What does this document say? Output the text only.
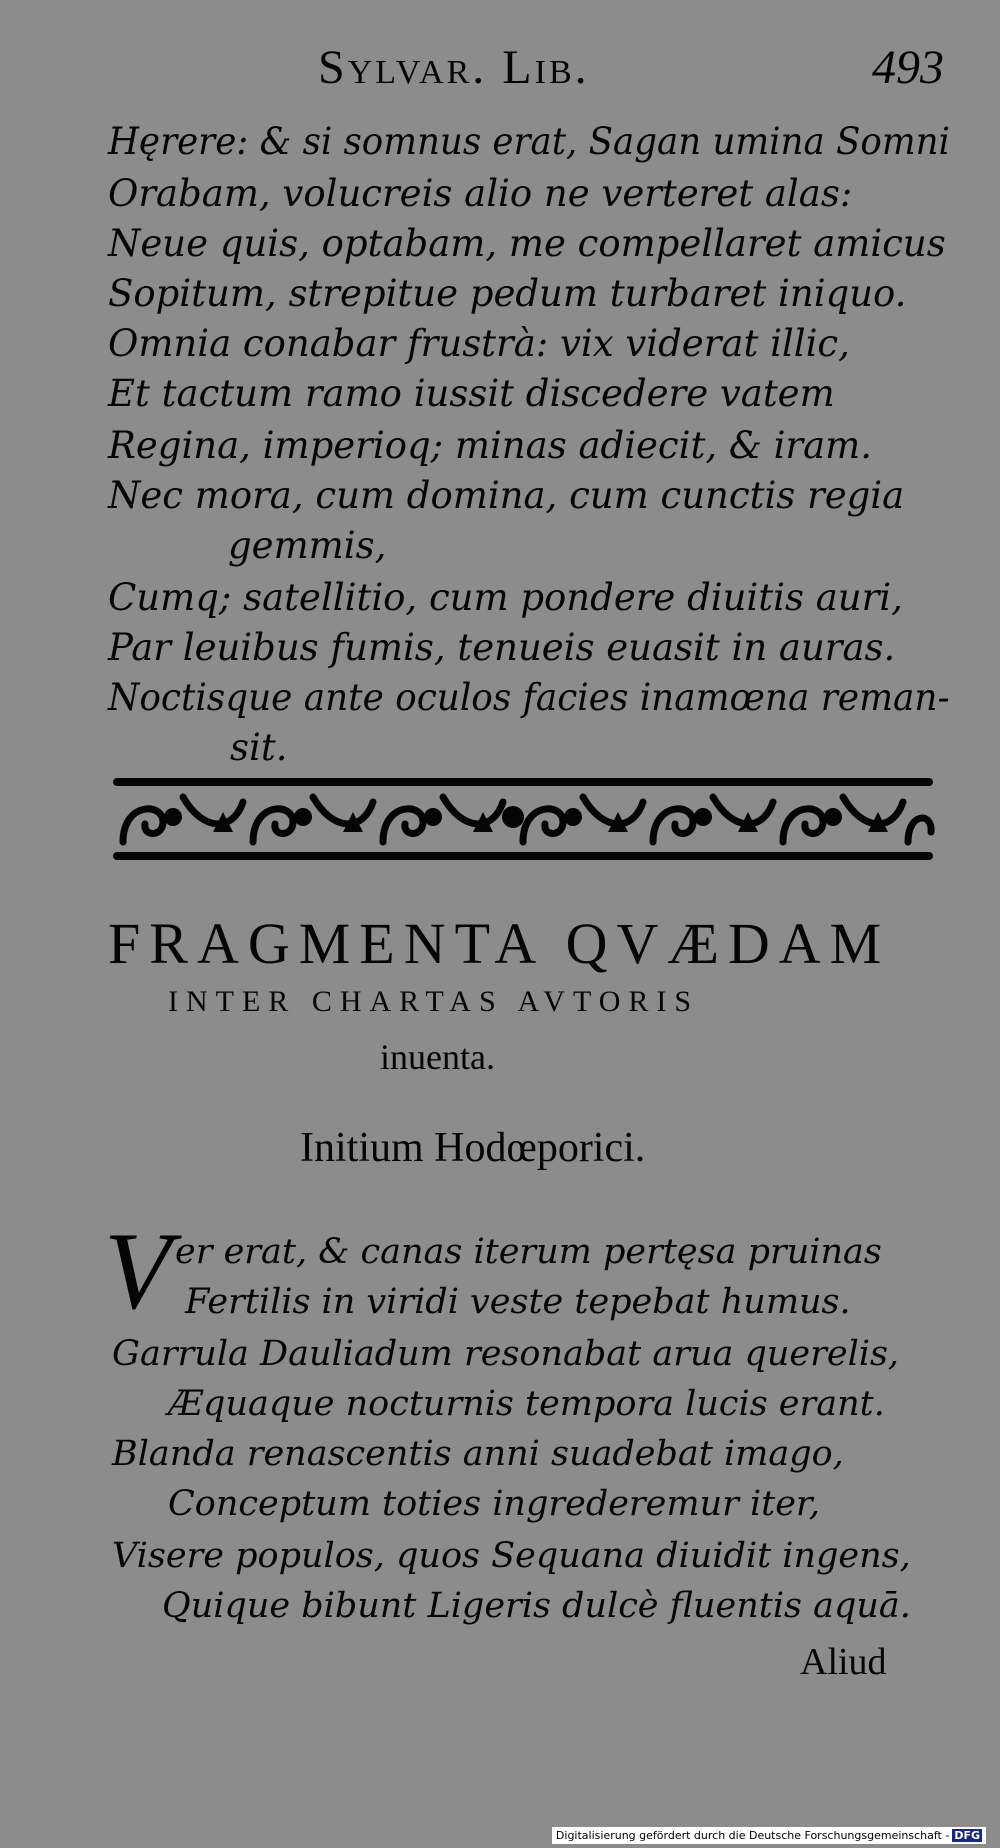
Sylvar. Lib.	493
Hęrere: & si somnus erat, Sagan umina Somni
Orabam, volucreis alio ne verteret alas:
Neue quis, optabam, me compellaret amicus
Sopitum, strepitue pedum turbaret iniquo.
Omnia conabar frustrà: vix viderat illic,
Et tactum ramo iussit discedere vatem
Regina, imperioq; minas adiecit, & iram.
Nec mora, cum domina, cum cunctis regia
gemmis,
Cumq; satellitio, cum pondere diuitis auri,
Par leuibus fumis, tenueis euasit in auras.
Noctisque ante oculos facies inamœna reman-
sit.
FRAGMENTA QVÆDAM
INTER CHARTAS AVTORIS
inuenta.
Initium Hodœporici.
V er erat, & canas iterum pertęsa pruinas
Fertilis in viridi veste tepebat humus.
Garrula Dauliadum resonabat arua querelis,
Æquaque nocturnis tempora lucis erant.
Blanda renascentis anni suadebat imago,
Conceptum toties ingrederemur iter,
Visere populos, quos Sequana diuidit ingens,
Quique bibunt Ligeris dulcè fluentis aquā.
Aliud
Digitalisierung gefördert durch die Deutsche Forschungsgemeinschaft - DFG
